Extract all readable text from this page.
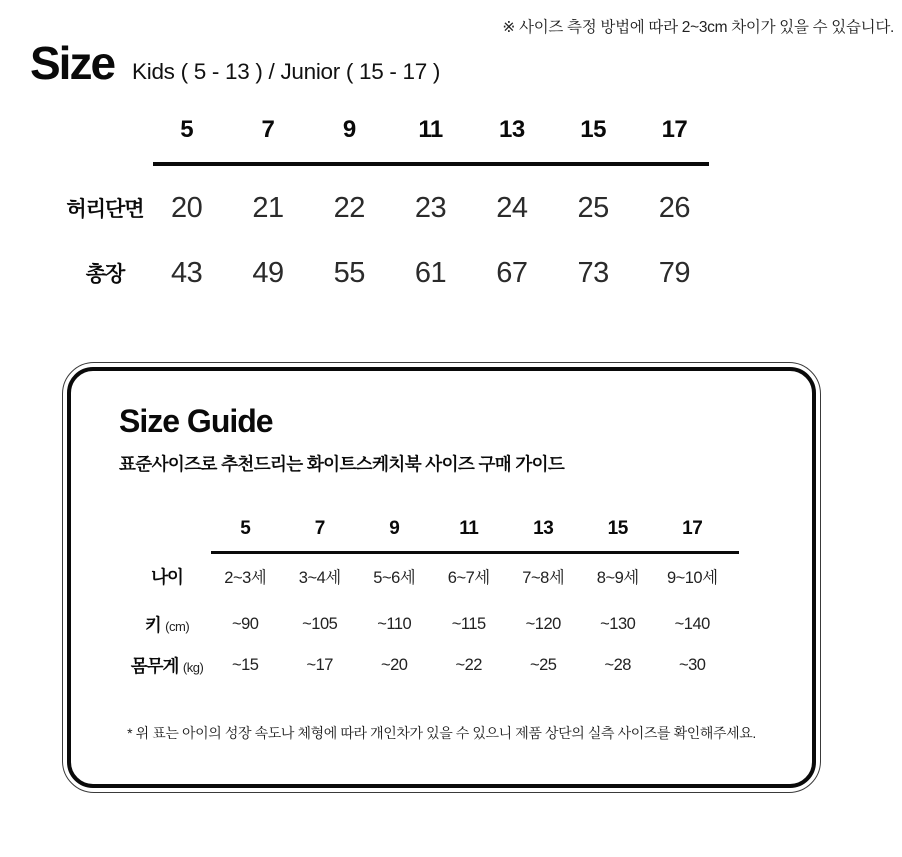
※ 사이즈 측정 방법에 따라 2~3cm 차이가 있을 수 있습니다.
Size Kids ( 5 - 13 ) / Junior ( 15 - 17 )
5	7	9	11	13	15	17
허리단면 20	21	22	23	24	25	26
총장	43	49	55	61	67	73	79
Size Guide
표준사이즈로 추천드리는 화이트스케치북 사이즈 구매 가이드
5	7	9	11	13	15	17
나이	2~3세	3~4세	5~6세	6~7세	7~8세	8~9세	9~10세
키 (cm)	~90	~105	~110	~115	~120	~130	~140
몸무게 (kg)	~15	~17	~20	~22	~25	~28	~30
* 위 표는 아이의 성장 속도나 체형에 따라 개인차가 있을 수 있으니 제품 상단의 실측 사이즈를 확인해주세요.
